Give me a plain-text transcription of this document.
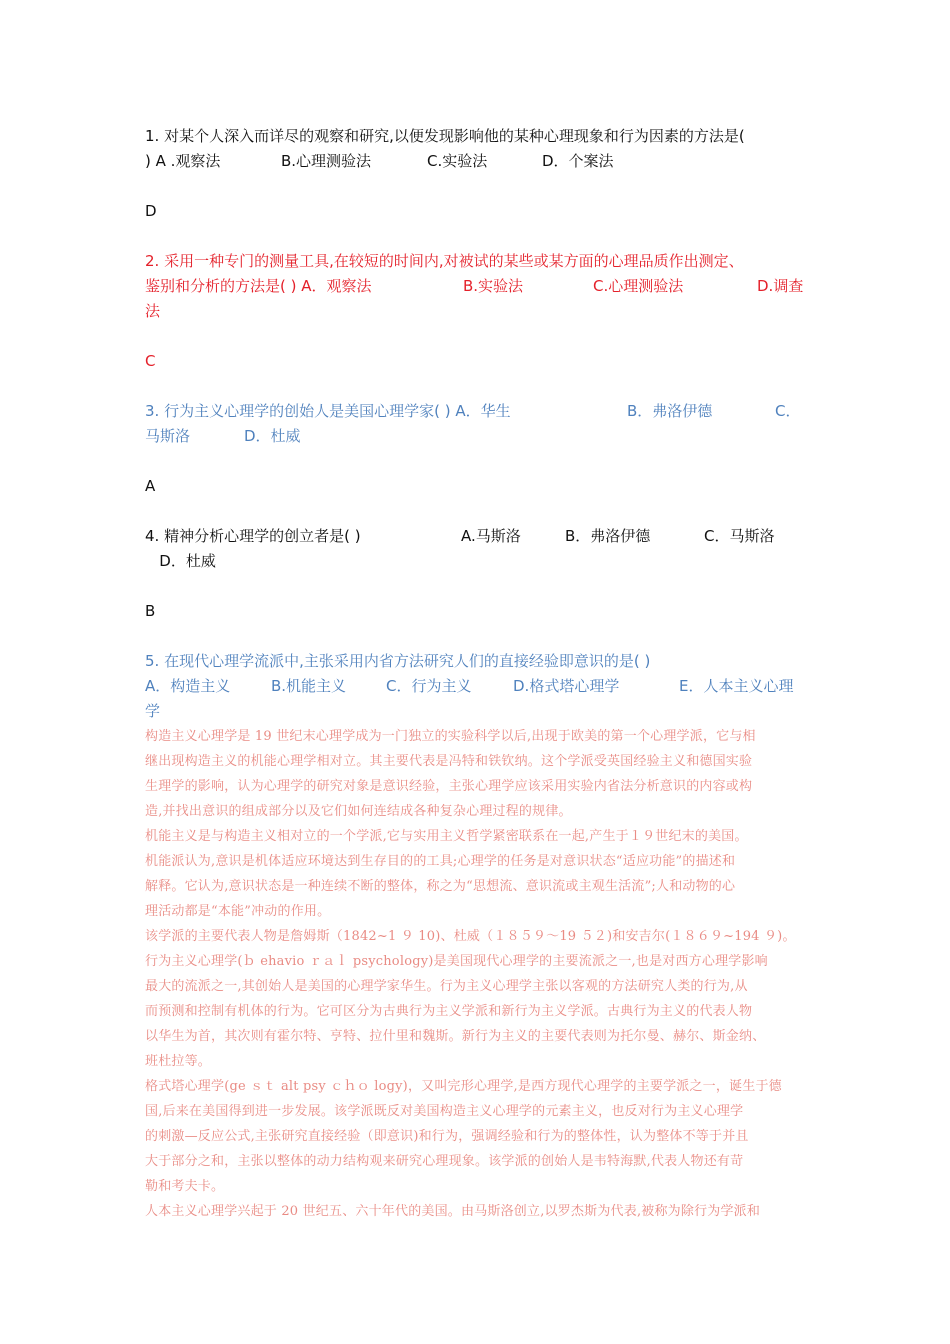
1. 对某个人深入而详尽的观察和研究,以便发现影响他的某种心理现象和行为因素的方法是(

) A .观察法	B.心理测验法	C.实验法	D．个案法

D

2. 采用一种专门的测量工具,在较短的时间内,对被试的某些或某方面的心理品质作出测定、

鉴别和分析的方法是( ) A．观察法	B.实验法	C.心理测验法	D.调查

法

C

3. 行为主义心理学的创始人是美国心理学家( ) A．华生	B．弗洛伊德	C．

马斯洛	D．杜威

A

4. 精神分析心理学的创立者是( )	A.马斯洛	B．弗洛伊德	C．马斯洛

D．杜威

B

5. 在现代心理学流派中,主张采用内省方法研究人们的直接经验即意识的是( )

A．构造主义	B.机能主义	C．行为主义	D.格式塔心理学	E．人本主义心理

学

构造主义心理学是 19 世纪末心理学成为一门独立的实验科学以后,出现于欧美的第一个心理学派，它与相

继出现构造主义的机能心理学相对立。其主要代表是冯特和铁钦纳。这个学派受英国经验主义和德国实验

生理学的影响，认为心理学的研究对象是意识经验，主张心理学应该采用实验内省法分析意识的内容或构

造,并找出意识的组成部分以及它们如何连结成各种复杂心理过程的规律。

机能主义是与构造主义相对立的一个学派,它与实用主义哲学紧密联系在一起,产生于１９世纪末的美国。

机能派认为,意识是机体适应环境达到生存目的的工具;心理学的任务是对意识状态“适应功能”的描述和

解释。它认为,意识状态是一种连续不断的整体，称之为“思想流、意识流或主观生活流”;人和动物的心

理活动都是“本能”冲动的作用。

该学派的主要代表人物是詹姆斯（1842~1 ９ 10)、杜威（１８５９～19 ５２)和安吉尔(１８６９~194 ９)。

行为主义心理学(ｂ ehavio ｒａｌ psychology)是美国现代心理学的主要流派之一,也是对西方心理学影响

最大的流派之一,其创始人是美国的心理学家华生。行为主义心理学主张以客观的方法研究人类的行为,从

而预测和控制有机体的行为。它可区分为古典行为主义学派和新行为主义学派。古典行为主义的代表人物

以华生为首，其次则有霍尔特、亨特、拉什里和魏斯。新行为主义的主要代表则为托尔曼、赫尔、斯金纳、

班杜拉等。

格式塔心理学(ge ｓｔ alt psy ｃｈｏ logy)，又叫完形心理学,是西方现代心理学的主要学派之一，诞生于德

国,后来在美国得到进一步发展。该学派既反对美国构造主义心理学的元素主义，也反对行为主义心理学

的刺激—反应公式,主张研究直接经验（即意识)和行为，强调经验和行为的整体性，认为整体不等于并且

大于部分之和，主张以整体的动力结构观来研究心理现象。该学派的创始人是韦特海默,代表人物还有苛

勒和考夫卡。

人本主义心理学兴起于 20 世纪五、六十年代的美国。由马斯洛创立,以罗杰斯为代表,被称为除行为学派和
